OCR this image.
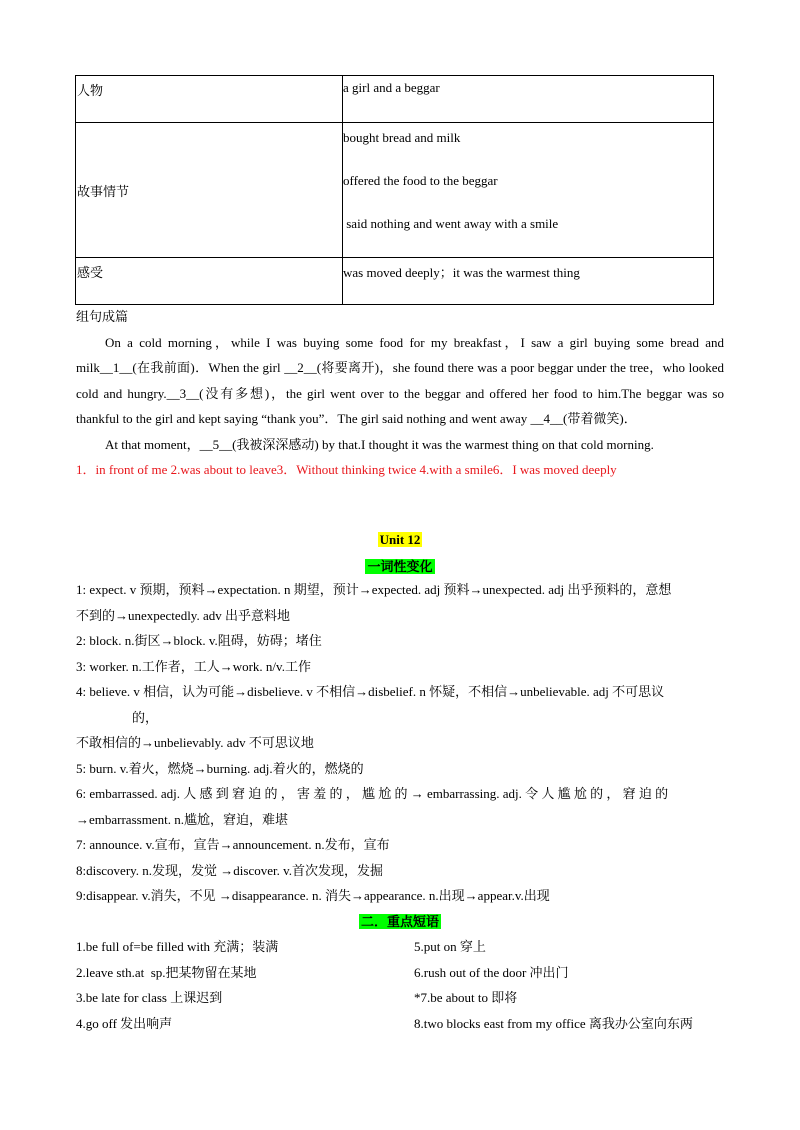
人物	a girl and a beggar

故事情节	bought bread and milk
offered the food to the beggar
said nothing and went away with a smile

感受	was moved deeply；it was the warmest thing

组句成篇

On a cold morning，while I was buying some food for my breakfast，I saw a girl buying some bread and milk__1__(在我前面)．When the girl __2__(将要离开)，she found there was a poor beggar under the tree，who looked cold and hungry.__3__(没有多想)，the girl went over to the beggar and offered her food to him.The beggar was so thankful to the girl and kept saying “thank you”．The girl said nothing and went away __4__(带着微笑)．

At that moment，__5__(我被深深感动) by that.I thought it was the warmest thing on that cold morning.

1．in front of me 2.was about to leave3．Without thinking twice 4.with a smile6．I was moved deeply

Unit 12
一词性变化

1: expect. v 预期，预料→expectation. n 期望，预计→expected. adj 预料→unexpected. adj 出乎预料的，意想

不到的→unexpectedly. adv 出乎意料地

2: block. n.街区→block. v.阻碍，妨碍；堵住

3: worker. n.工作者，工人→work. n/v.工作

4: believe. v 相信，认为可能→disbelieve. v 不相信→disbelief. n 怀疑，不相信→unbelievable. adj 不可思议

的，

不敢相信的→unbelievably. adv 不可思议地

5: burn. v.着火，燃烧→burning. adj.着火的，燃烧的

6: embarrassed. adj. 人 感 到 窘 迫 的 ， 害 羞 的 ， 尴 尬 的 → embarrassing. adj. 令 人 尴 尬 的 ， 窘 迫 的

→embarrassment. n.尴尬，窘迫，难堪

7: announce. v.宣布，宣告→announcement. n.发布，宣布

8:discovery. n.发现，发觉 →discover. v.首次发现，发掘

9:disappear. v.消失，不见 →disappearance. n. 消失→appearance. n.出现→appear.v.出现

二．重点短语
1.be full of=be filled with 充满；装满
2.leave sth.at  sp.把某物留在某地
3.be late for class 上课迟到
4.go off 发出响声
5.put on 穿上
6.rush out of the door 冲出门
*7.be about to 即将
8.two blocks east from my office 离我办公室向东两
